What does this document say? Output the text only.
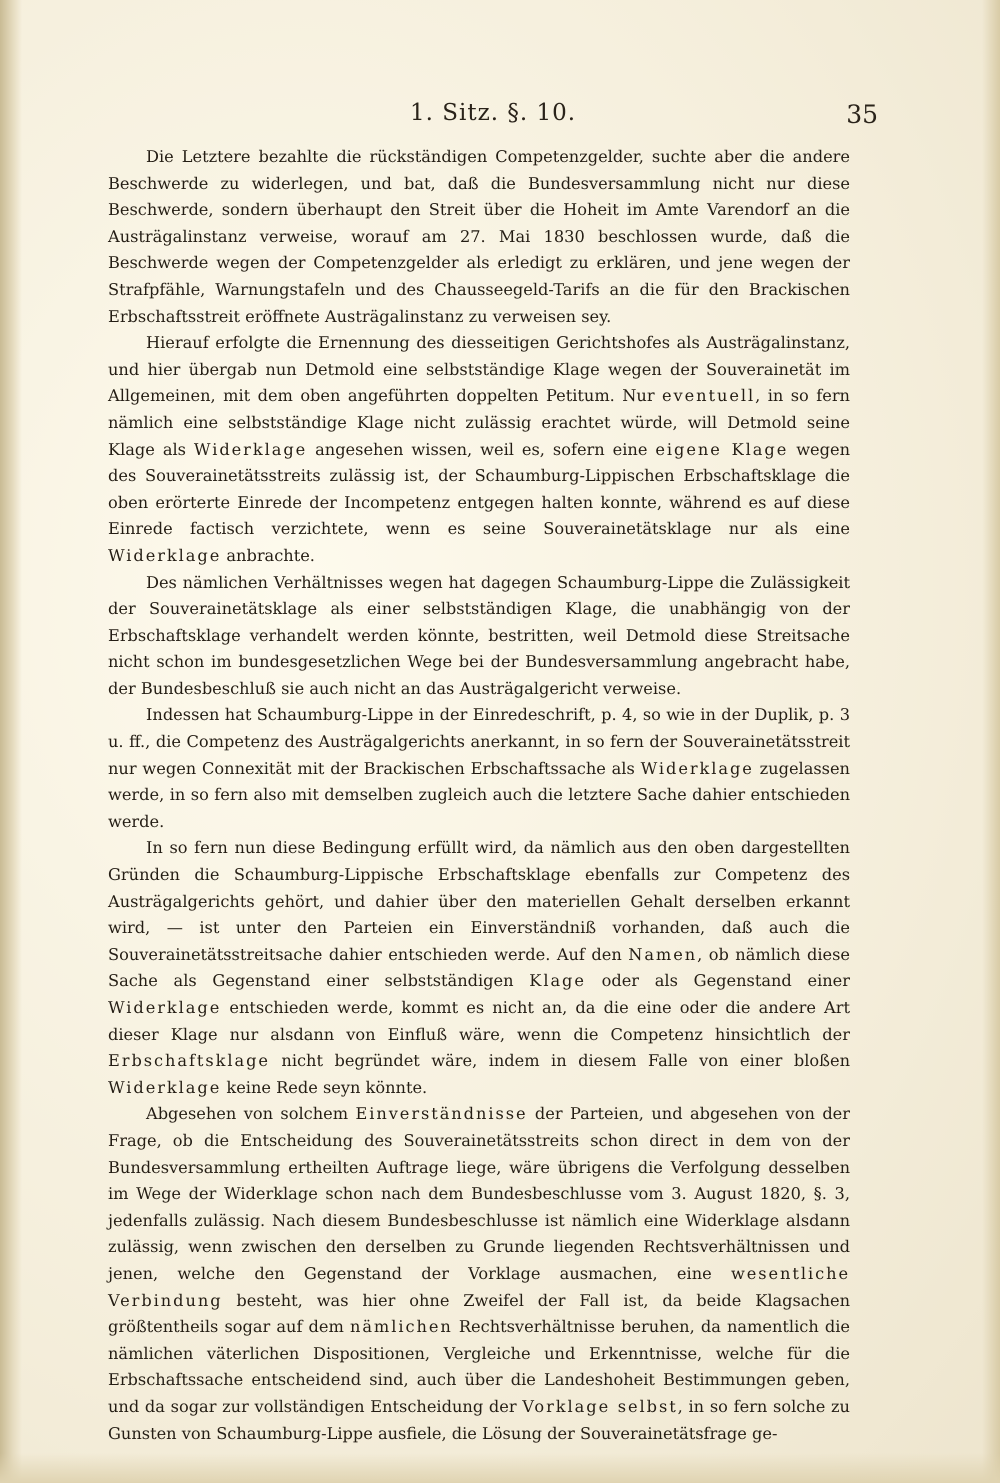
1. Sitz. §. 10.	35

Die Letztere bezahlte die rückständigen Competenzgelder, suchte aber die andere Beschwerde zu widerlegen, und bat, daß die Bundesversammlung nicht nur diese Beschwerde, sondern überhaupt den Streit über die Hoheit im Amte Varendorf an die Austrägalinstanz verweise, worauf am 27. Mai 1830 beschlossen wurde, daß die Beschwerde wegen der Competenzgelder als erledigt zu erklären, und jene wegen der Strafpfähle, Warnungstafeln und des Chausseegeld-Tarifs an die für den Brackischen Erbschaftsstreit eröffnete Austrägalinstanz zu verweisen sey.

Hierauf erfolgte die Ernennung des diesseitigen Gerichtshofes als Austrägalinstanz, und hier übergab nun Detmold eine selbstständige Klage wegen der Souverainetät im Allgemeinen, mit dem oben angeführten doppelten Petitum. Nur eventuell, in so fern nämlich eine selbstständige Klage nicht zulässig erachtet würde, will Detmold seine Klage als Widerklage angesehen wissen, weil es, sofern eine eigene Klage wegen des Souverainetätsstreits zulässig ist, der Schaumburg-Lippischen Erbschaftsklage die oben erörterte Einrede der Incompetenz entgegen halten konnte, während es auf diese Einrede factisch verzichtete, wenn es seine Souverainetätsklage nur als eine Widerklage anbrachte.

Des nämlichen Verhältnisses wegen hat dagegen Schaumburg-Lippe die Zulässigkeit der Souverainetätsklage als einer selbstständigen Klage, die unabhängig von der Erbschaftsklage verhandelt werden könnte, bestritten, weil Detmold diese Streitsache nicht schon im bundesgesetzlichen Wege bei der Bundesversammlung angebracht habe, der Bundesbeschluß sie auch nicht an das Austrägalgericht verweise.

Indessen hat Schaumburg-Lippe in der Einredeschrift, p. 4, so wie in der Duplik, p. 3 u. ff., die Competenz des Austrägalgerichts anerkannt, in so fern der Souverainetätsstreit nur wegen Connexität mit der Brackischen Erbschaftssache als Widerklage zugelassen werde, in so fern also mit demselben zugleich auch die letztere Sache dahier entschieden werde.

In so fern nun diese Bedingung erfüllt wird, da nämlich aus den oben dargestellten Gründen die Schaumburg-Lippische Erbschaftsklage ebenfalls zur Competenz des Austrägalgerichts gehört, und dahier über den materiellen Gehalt derselben erkannt wird, — ist unter den Parteien ein Einverständniß vorhanden, daß auch die Souverainetätsstreitsache dahier entschieden werde. Auf den Namen, ob nämlich diese Sache als Gegenstand einer selbstständigen Klage oder als Gegenstand einer Widerklage entschieden werde, kommt es nicht an, da die eine oder die andere Art dieser Klage nur alsdann von Einfluß wäre, wenn die Competenz hinsichtlich der Erbschaftsklage nicht begründet wäre, indem in diesem Falle von einer bloßen Widerklage keine Rede seyn könnte.

Abgesehen von solchem Einverständnisse der Parteien, und abgesehen von der Frage, ob die Entscheidung des Souverainetätsstreits schon direct in dem von der Bundesversammlung ertheilten Auftrage liege, wäre übrigens die Verfolgung desselben im Wege der Widerklage schon nach dem Bundesbeschlusse vom 3. August 1820, §. 3, jedenfalls zulässig. Nach diesem Bundesbeschlusse ist nämlich eine Widerklage alsdann zulässig, wenn zwischen den derselben zu Grunde liegenden Rechtsverhältnissen und jenen, welche den Gegenstand der Vorklage ausmachen, eine wesentliche Verbindung besteht, was hier ohne Zweifel der Fall ist, da beide Klagsachen größtentheils sogar auf dem nämlichen Rechtsverhältnisse beruhen, da namentlich die nämlichen väterlichen Dispositionen, Vergleiche und Erkenntnisse, welche für die Erbschaftssache entscheidend sind, auch über die Landeshoheit Bestimmungen geben, und da sogar zur vollständigen Entscheidung der Vorklage selbst, in so fern solche zu Gunsten von Schaumburg-Lippe ausfiele, die Lösung der Souverainetätsfrage ge-
